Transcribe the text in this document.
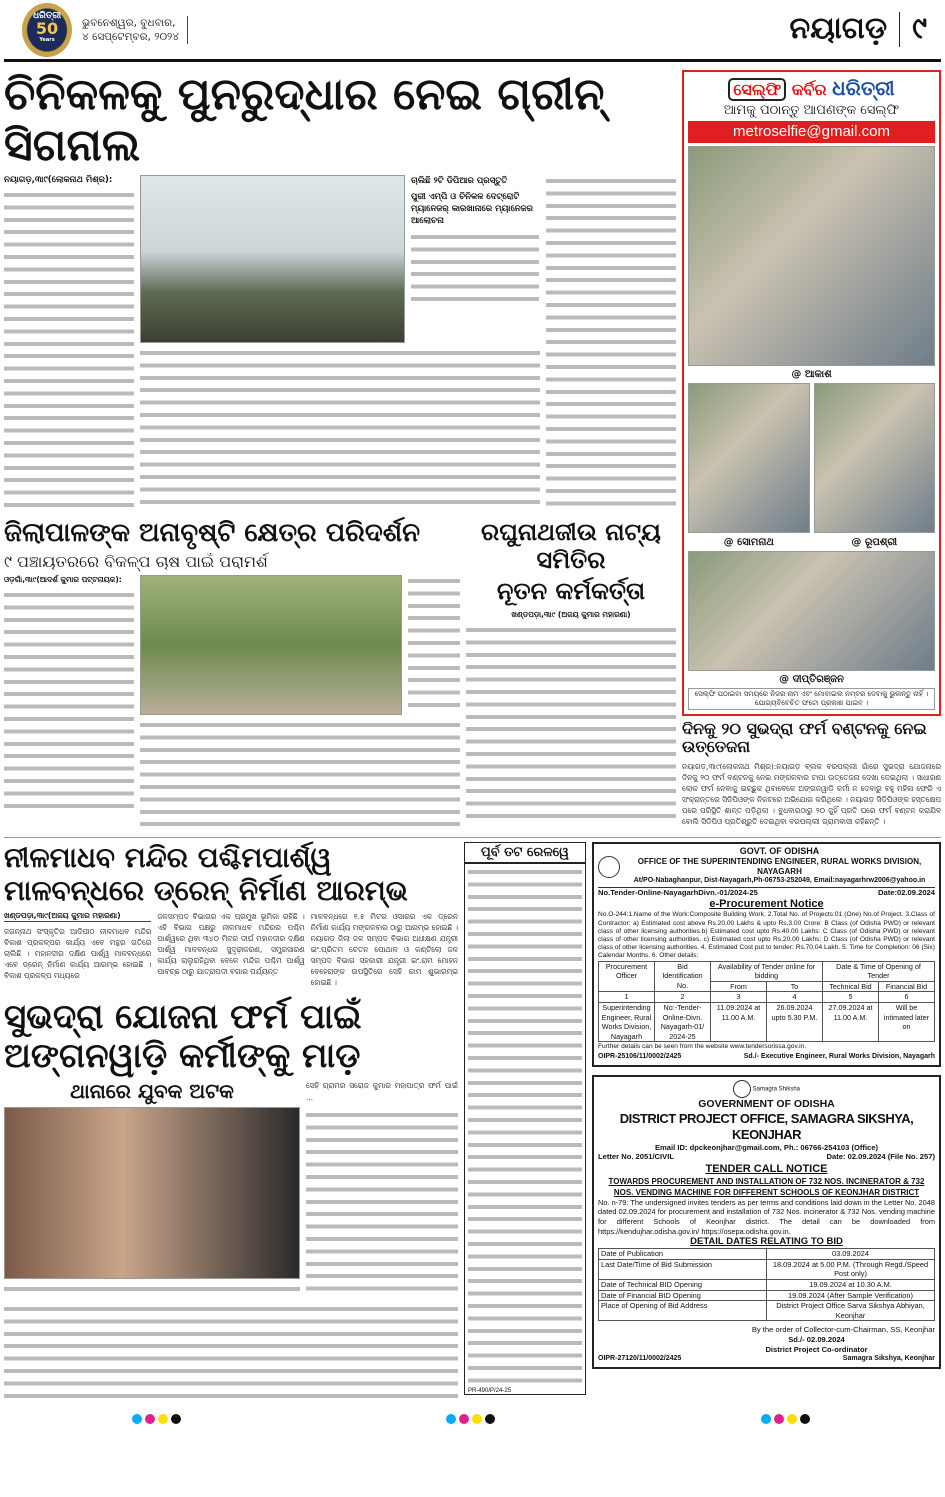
ଧରିତ୍ରୀ
50
Years
ଭୁବନେଶ୍ୱର, ବୁଧବାର,
୪ ସେପ୍ଟେମ୍ବର, ୨୦୨୪	ନୟାଗଡ଼ ୯
ଚିନିକଳକୁ ପୁନରୁଦ୍ଧାର ନେଇ ଗ୍ରୀନ୍ ସିଗନାଲ
ନୟାଗଡ଼,୩ା୯(ଲୋକନାଥ ମିଶ୍ର):	ଚାଲିଛି ୨ଟି ଡିପିଆର ପ୍ରସ୍ତୁତି
ପୁରୀ ଏମ୍ପି ଓ ଚିନିକଳ ଦେଟ୍ରୋଟି ମ୍ୟାନେଜର୍ କାରଖାନାରେ ମ୍ୟାନେଜର ଆଲୋଚନା
ଜିଲାପାଳଙ୍କ ଅନାବୃଷ୍ଟି କ୍ଷେତ୍ର ପରିଦର୍ଶନ
୯ ପଞ୍ଚାୟତରରେ ବିକଳ୍ପ ଚାଷ ପାଇଁ ପରାମର୍ଶ
ଓଡ଼ଗାଁ,୩ା୯(ଆଦର୍ଶ କୁମାର ପଟ୍ଟନାୟକ):
ରଘୁନାଥଜୀଉ ନାଟ୍ୟ ସମିତିର
ନୂତନ କର୍ମକର୍ତ୍ତା
ଖଣ୍ଡପଡ଼ା,୩ା୯ (ଅଜୟ କୁମାର ମହାରଣା)
ସେଲ୍ଫି କର୍ବିର ଧରିତ୍ରୀ
ଆମକୁ ପଠାନ୍ତୁ ଆପଣଙ୍କ ସେଲ୍ଫି
metroselfie@gmail.com
@ ଆକାଶ
@ ସୋମନାଥ	@ ରୂପଶ୍ରୀ
@ ଦୀପ୍ତିରଞ୍ଜନ
ସେଲ୍ଫି ପଠାଇବା ସମୟରେ ନିଜର ନାମ ଏବଂ ମୋବାଇଲ ନମ୍ବର ଦେବାକୁ ଭୁଲନ୍ତୁ ନାହିଁ । ଯୋଗ୍ୟବିବେଚିତ ଫଟୋ ପ୍ରକାଶ ପାଇବ ।
ଦିନକୁ ୨୦ ସୁଭଦ୍ରା ଫର୍ମ ବଣ୍ଟନକୁ ନେଇ ଉତ୍ତେଜନା
ନୟାଗଡ଼,୩ା୯(ଲୋକନାଥ ମିଶ୍ର):ନୟାଗଡ଼ ବ୍ଲକ ବରପଲ୍ଲୀ ଗାଁରେ ସୁଭଦ୍ରା ଯୋଜନାରେ ଦିନକୁ ୨୦ ଫର୍ମ ବଣ୍ଟନକୁ ନେଇ ମଙ୍ଗଳବାର ଟାପା ଉତ୍ତେଜନା ଦେଖା ଦେଇଥିଲା । ସାଧାରଣ ଲୋକ ଫର୍ମ ନେବାକୁ ଇଚ୍ଛୁକ ଥିବାବେଳେ ଅଙ୍ଗନୱାଡ଼ି କର୍ମୀ ନ ଦେବାରୁ ବହୁ ମହିଳା ଫେରି ଏ ସଂକ୍ରାନ୍ତରେ ସିଡିପିଓଙ୍କ ନିକଟରେ ଅଭିଯୋଗ କରିଥିଲେ । ନୟାଗଡ଼ ସିଡିପିଓଙ୍କ ହସ୍ତକ୍ଷେପ ପରେ ପରିସ୍ଥିତି ଶାନ୍ତ ପଡ଼ିଥିଲା । ବୁଧବାରଠାରୁ ୨୦ ଜୁହିଁ ପ୍ରତି ଘରେ ଫର୍ମ ବଣ୍ଟନ କରାଯିବ ବୋଲି ସିଡିପିଓ ପ୍ରତିଶ୍ରୁତି ଦେଇଥିବା ବରପଲ୍ଲୀ ଗ୍ରାମବାସୀ କହିଛନ୍ତି ।
ନୀଳମାଧବ ମନ୍ଦିର ପଶ୍ଚିମପାର୍ଶ୍ୱ ମାଳବନ୍ଧରେ ଡ୍ରେନ୍ ନିର୍ମାଣ ଆରମ୍ଭ
ଖଣ୍ଡପଡ଼ା,୩ା୯(ଅଜୟ କୁମାର ମହାରଣା)
ଜଗନ୍ନାଥ ସଂସ୍କୃତିର ଆଦିପୀଠ ନୀଳମାଧବ ମନ୍ଦିର ବିକାଶ ପ୍ରକଳ୍ପର କାର୍ଯ୍ୟ ଏବେ ମନ୍ଥର ଗତିରେ ଚାଲିଛି । ମହାନଦୀର ଦକ୍ଷିଣ ପାର୍ଶ୍ୱ ମାଳବନ୍ଧରେ ଏବେ ଡ୍ରେନ୍ ନିର୍ମାଣ କାର୍ଯ୍ୟ ଆରମ୍ଭ ହୋଇଛି । ବିକାଶ ପ୍ରକଳ୍ପ ମଧ୍ୟରେ
ଜଳସମ୍ପଦ ବିଭାଗର ଏକ ପ୍ରମୁଖ ଭୂମିକା ରହିଛି । ଏହି ବିଭାଗ ପକ୍ଷରୁ ନୀଳମାଧବ ମନ୍ଦିରର ପଶ୍ଚିମ ପାର୍ଶ୍ୱରେ ଥିବା ୩୪୦ ମିଟର ଦୀର୍ଘ ମହାନଦୀର ଦକ୍ଷିଣ ପାର୍ଶ୍ୱ ମାଳବନ୍ଧର ସୁଦୃଢ଼ୀକରଣ, ସମ୍ପ୍ରସାରଣ କାର୍ଯ୍ୟ ଚାଲୁରହିଥିବା ବେଳେ ମନ୍ଦିର ପଶ୍ଚିମ ପାର୍ଶ୍ୱ ପାବଚ୍ଛ ଠାରୁ ଯାତ୍ରାପଦୀ ବଗାର ପର୍ଯ୍ୟନ୍ତ
ମାଳବନ୍ଧରେ ୧.୫ ମିଟର ଓସାରର ଏକ ଡ୍ରେନ ନିର୍ମାଣ କାର୍ଯ୍ୟ ମଙ୍ଗଳବାର ଠାରୁ ଆରମ୍ଭ ହୋଇଛି । ନୟାଗଡ଼ ଜିଲା ଜଳ ସମ୍ପଦ ବିଭାଗ ଅଧୀକ୍ଷଣ ଯନ୍ତ୍ରୀ ଇଂ.ପ୍ରିତମ ଚେତନ ପୋଥାଳ ଓ କଣ୍ଟିଲୋ ଜଳ ସମ୍ପଦ ବିଭାଗ ସହକାରୀ ଯନ୍ତ୍ରୀ ଇଂ.ରାମ ମୋହନ ବେହେରାଙ୍କ ଉପସ୍ଥିତିରେ ସେହି କାମ ଶୁଭାରମ୍ଭ ହୋଇଛି ।
ସୁଭଦ୍ରା ଯୋଜନା ଫର୍ମ ପାଇଁ ଅଙ୍ଗନୱାଡ଼ି କର୍ମୀଙ୍କୁ ମାଡ଼
ଥାନାରେ ଯୁବକ ଅଟକ	ସେହି ଗ୍ରାମର ସରୋଜ କୁମାର ମହାପାତ୍ର ଫର୍ମ ପାଇଁ ...
ପୂର୍ବ ତଟ ରେଳୱେ
PR-490/P/24-25
GOVT. OF ODISHA
OFFICE OF THE SUPERINTENDING ENGINEER, RURAL WORKS DIVISION, NAYAGARH
At/PO-Nabaghanpur, Dist-Nayagarh,Ph-06753-252049, Email:nayagarhrw2006@yahoo.in
No.Tender-Online-NayagarhDivn.-01/2024-25	Date:02.09.2024
e-Procurement Notice
No.O-244:1.Name of the Work:Composite Building Work. 2.Total No. of Projects:01 (One) No.of Project. 3.Class of Contractor: a) Estimated cost above Rs.20.00 Lakhs & upto Rs.3.00 Crore: B Class (of Odisha PWD) or relevant class of other licensing authorities.b) Estimated cost upto Rs.40.00 Lakhs: C Class (of Odisha PWD) or relevant class of other licensing authorities. c) Estimated cost upto Rs.20.00 Lakhs: D Class (of Odisha PWD) or relevant class of other licensing authorities. 4. Estimated Cost put to tender: Rs.70.04 Lakh. 5. Time for Completion: 06 (Six) Calendar Months. 6. Other details:
Procurement Officer	Bid Identification No.	Availability of Tender online for bidding		Date & Time of Opening of Tender	
		From	To	Technical Bid	Financial Bid
1	2	3	4	5	6
Superintending Engineer, Rural Works Division, Nayagarh	No:-Tender-Online-Divn. Nayagarh-01/ 2024-25	11.09.2024 at 11.00 A.M.	26.09.2024 upto 5.30 P.M.	27.09.2024 at 11.00 A.M.	Will be intimated later on
Further details can be seen from the website www.tendersorissa.gov.in.
OIPR-25106/11/0002/2425	Sd./- Executive Engineer, Rural Works Division, Nayagarh
Samagra Shiksha
GOVERNMENT OF ODISHA
DISTRICT PROJECT OFFICE, SAMAGRA SIKSHYA, KEONJHAR
Email ID: dpckeonjhar@gmail.com, Ph.: 06766-254103 (Office)
Letter No. 2051/CIVIL	Date: 02.09.2024 (File No. 257)
TENDER CALL NOTICE
TOWARDS PROCUREMENT AND INSTALLATION OF 732 NOS. INCINERATOR & 732 NOS. VENDING MACHINE FOR DIFFERENT SCHOOLS OF KEONJHAR DISTRICT
No. n-79: The undersigned invites tenders as per terms and conditions laid down in the Letter No. 2048 dated 02.09.2024 for procurement and installation of 732 Nos. incinerator & 732 Nos. vending machine for different Schools of Keonjhar district. The detail can be downloaded from https://kendujhar.odisha.gov.in/ https://osepa.odisha.gov.in.
DETAIL DATES RELATING TO BID
Date of Publication	03.09.2024
Last Date/Time of Bid Submission	18.09.2024 at 5.00 P.M. (Through Regd./Speed Post only)
Date of Technical BID Opening	19.09.2024 at 10.30 A.M.
Date of Financial BID Opening	19.09.2024 (After Sample Verification)
Place of Opening of Bid Address	District Project Office Sarva Sikshya Abhiyan, Keonjhar
By the order of Collector-cum-Chairman, SS, Keonjhar
Sd./- 02.09.2024
District Project Co-ordinator
OIPR-27120/11/0002/2425	Samagra Sikshya, Keonjhar
